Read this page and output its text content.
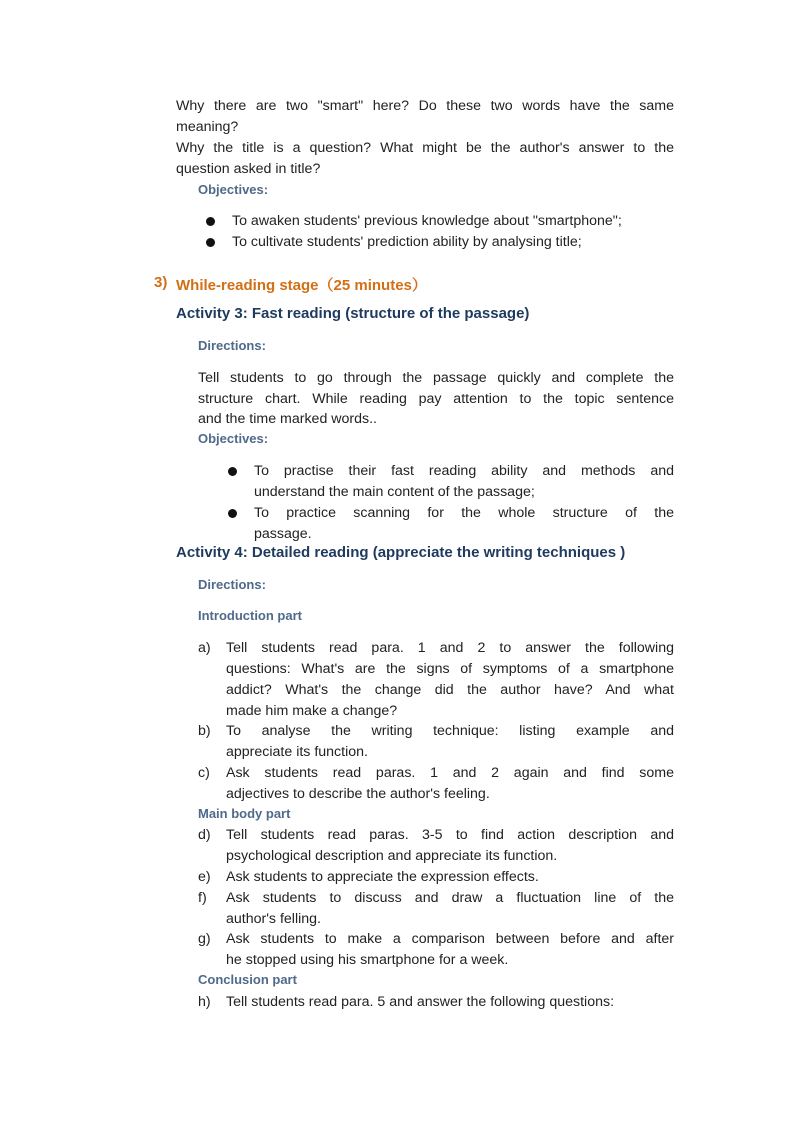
Why there are two "smart" here? Do these two words have the same
meaning?
Why the title is a question? What might be the author's answer to the
question asked in title?
Objectives:
To awaken students' previous knowledge about "smartphone";
To cultivate students' prediction ability by analysing title;
3) While-reading stage（25 minutes）
Activity 3: Fast reading (structure of the passage)
Directions:
Tell students to go through the passage quickly and complete the
structure chart. While reading pay attention to the topic sentence
and the time marked words..
Objectives:
To practise their fast reading ability and methods and
understand the main content of the passage;
To practice scanning for the whole structure of the
passage.
Activity 4: Detailed reading (appreciate the writing techniques )
Directions:
Introduction part
a) Tell students read para. 1 and 2 to answer the following
questions: What's are the signs of symptoms of a smartphone
addict? What's the change did the author have? And what
made him make a change?
b) To analyse the writing technique: listing example and
appreciate its function.
c) Ask students read paras. 1 and 2 again and find some
adjectives to describe the author's feeling.
Main body part
d) Tell students read paras. 3-5 to find action description and
psychological description and appreciate its function.
e) Ask students to appreciate the expression effects.
f) Ask students to discuss and draw a fluctuation line of the
author's felling.
g) Ask students to make a comparison between before and after
he stopped using his smartphone for a week.
Conclusion part
h) Tell students read para. 5 and answer the following questions:
